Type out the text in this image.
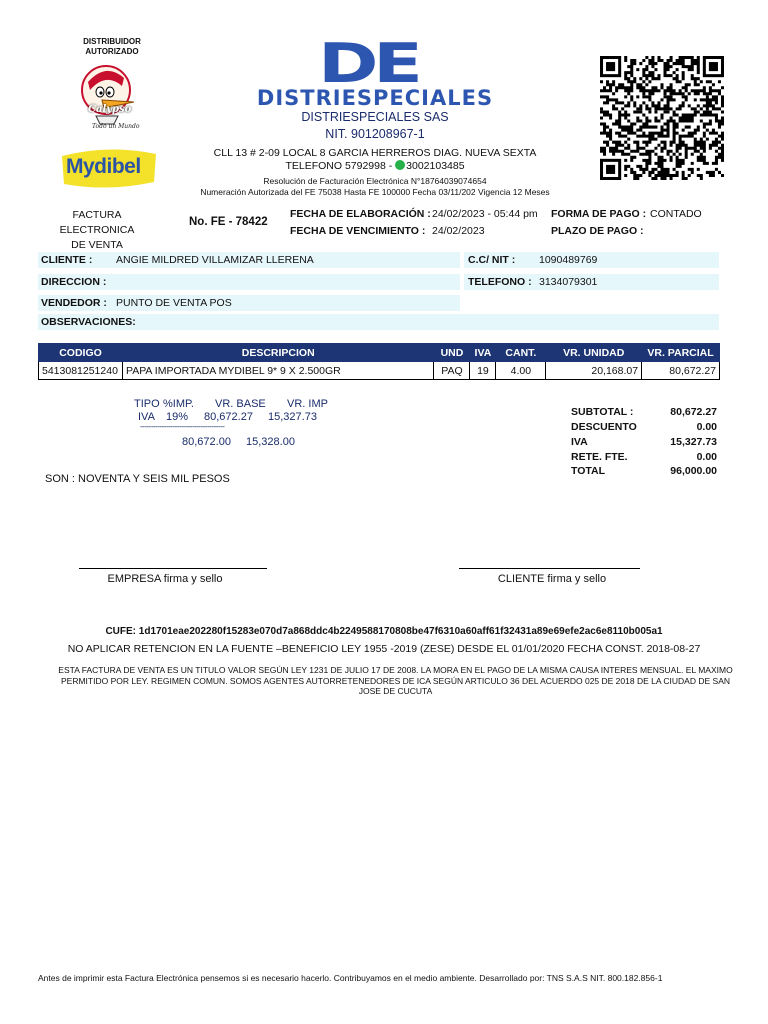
DISTRIBUIDOR
AUTORIZADO
Calypso
Todo un Mundo
Mydibel
DE
DISTRIESPECIALES
DISTRIESPECIALES SAS
NIT. 901208967-1
CLL 13 # 2-09 LOCAL 8 GARCIA HERREROS DIAG. NUEVA SEXTA
TELEFONO 5792998 - 3002103485
Resolución de Facturación Electrónica N°18764039074654
Numeración Autorizada del FE 75038 Hasta FE 100000 Fecha 03/11/202 Vigencia 12 Meses
FACTURA ELECTRONICA
DE VENTA
No. FE - 78422
FECHA DE ELABORACIÓN : 24/02/2023 - 05:44 pm
FECHA DE VENCIMIENTO : 24/02/2023
FORMA DE PAGO : CONTADO
PLAZO DE PAGO :
CLIENTE : ANGIE MILDRED VILLAMIZAR LLERENA	C.C/ NIT : 1090489769
DIRECCION :	TELEFONO : 3134079301
VENDEDOR : PUNTO DE VENTA POS
OBSERVACIONES:
CODIGO	DESCRIPCION	UND	IVA	CANT.	VR. UNIDAD	VR. PARCIAL
5413081251240	PAPA IMPORTADA MYDIBEL 9* 9 X 2.500GR	PAQ	19	4.00	20,168.07	80,672.27
TIPO %IMP. VR. BASE VR. IMP
IVA 19% 80,672.27 15,327.73
---------------------------------------
80,672.00 15,328.00
SUBTOTAL :	80,672.27
DESCUENTO	0.00
IVA	15,327.73
RETE. FTE.	0.00
TOTAL	96,000.00
SON : NOVENTA Y SEIS MIL PESOS
EMPRESA firma y sello	CLIENTE firma y sello
CUFE: 1d1701eae202280f15283e070d7a868ddc4b2249588170808be47f6310a60aff61f32431a89e69efe2ac6e8110b005a1
NO APLICAR RETENCION EN LA FUENTE –BENEFICIO LEY 1955 -2019 (ZESE) DESDE EL 01/01/2020 FECHA CONST. 2018-08-27
ESTA FACTURA DE VENTA ES UN TITULO VALOR SEGÚN LEY 1231 DE JULIO 17 DE 2008. LA MORA EN EL PAGO DE LA MISMA CAUSA INTERES MENSUAL. EL MAXIMO PERMITIDO POR LEY. REGIMEN COMUN. SOMOS AGENTES AUTORRETENEDORES DE ICA SEGÚN ARTICULO 36 DEL ACUERDO 025 DE 2018 DE LA CIUDAD DE SAN JOSE DE CUCUTA
Antes de imprimir esta Factura Electrónica pensemos si es necesario hacerlo. Contribuyamos en el medio ambiente. Desarrollado por: TNS S.A.S NIT. 800.182.856-1
